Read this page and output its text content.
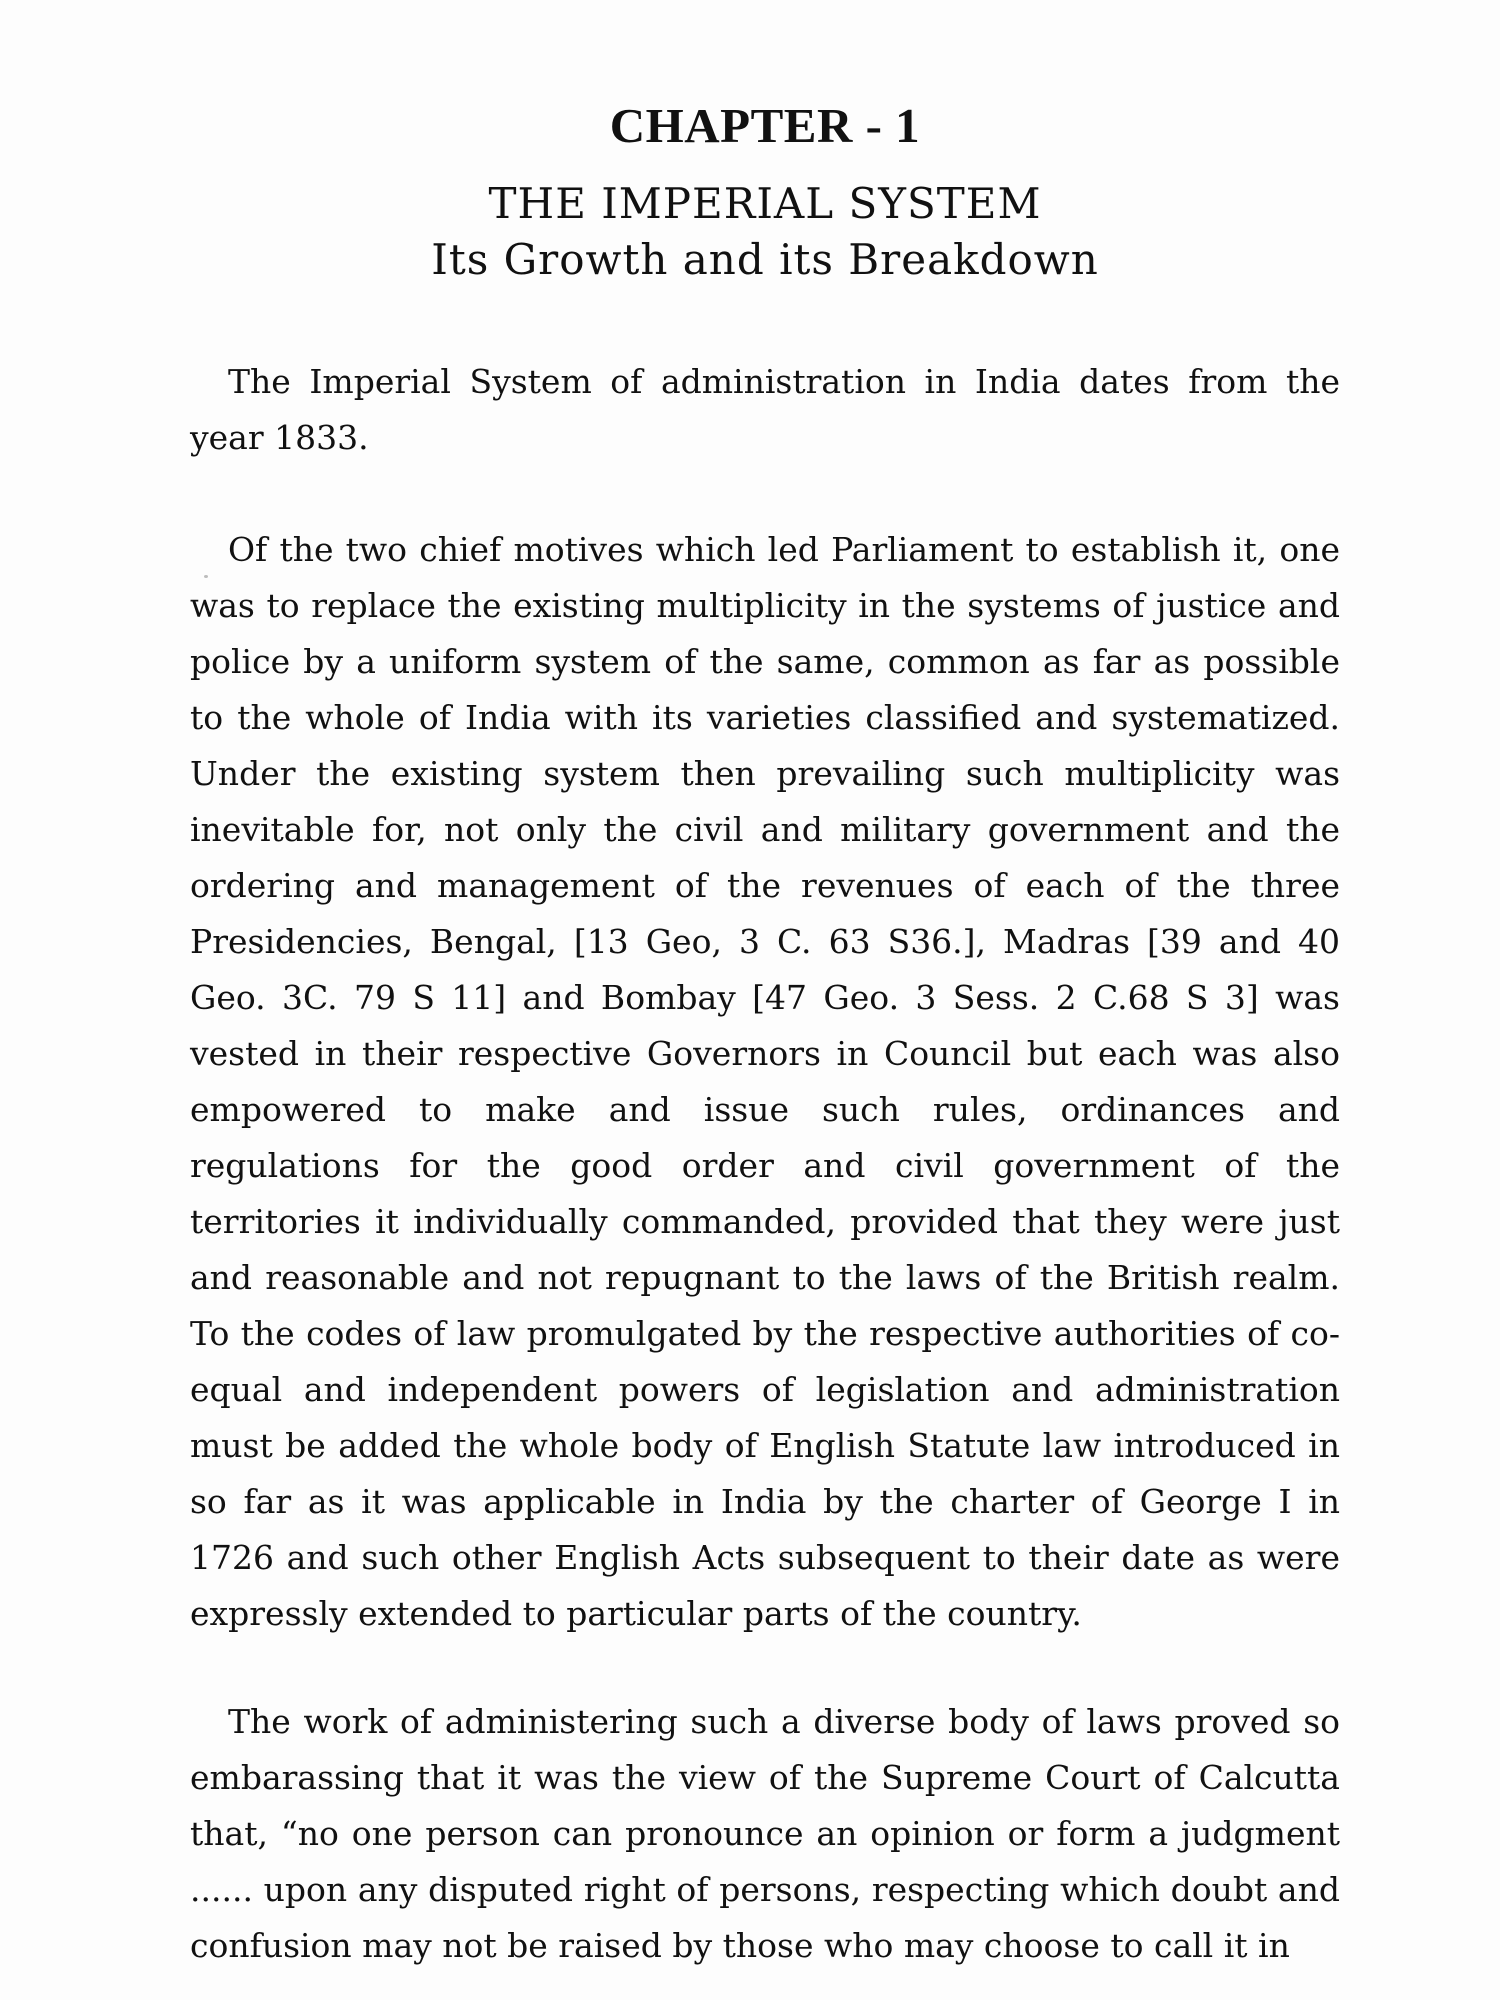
CHAPTER - 1
THE IMPERIAL SYSTEM
Its Growth and its Breakdown

The Imperial System of administration in India dates from the year 1833.

Of the two chief motives which led Parliament to establish it, one was to replace the existing multiplicity in the systems of justice and police by a uniform system of the same, common as far as possible to the whole of India with its varieties classified and systematized. Under the existing system then prevailing such multiplicity was inevitable for, not only the civil and military government and the ordering and management of the revenues of each of the three Presidencies, Bengal, [13 Geo, 3 C. 63 S36.], Madras [39 and 40 Geo. 3C. 79 S 11] and Bombay [47 Geo. 3 Sess. 2 C.68 S 3] was vested in their respective Governors in Council but each was also empowered to make and issue such rules, ordinances and regulations for the good order and civil government of the territories it individually commanded, provided that they were just and reasonable and not repugnant to the laws of the British realm. To the codes of law promulgated by the respective authorities of co-equal and independent powers of legislation and administration must be added the whole body of English Statute law introduced in so far as it was applicable in India by the charter of George I in 1726 and such other English Acts subsequent to their date as were expressly extended to particular parts of the country.

The work of administering such a diverse body of laws proved so embarassing that it was the view of the Supreme Court of Calcutta that, “no one person can pronounce an opinion or form a judgment ...... upon any disputed right of persons, respecting which doubt and confusion may not be raised by those who may choose to call it in
